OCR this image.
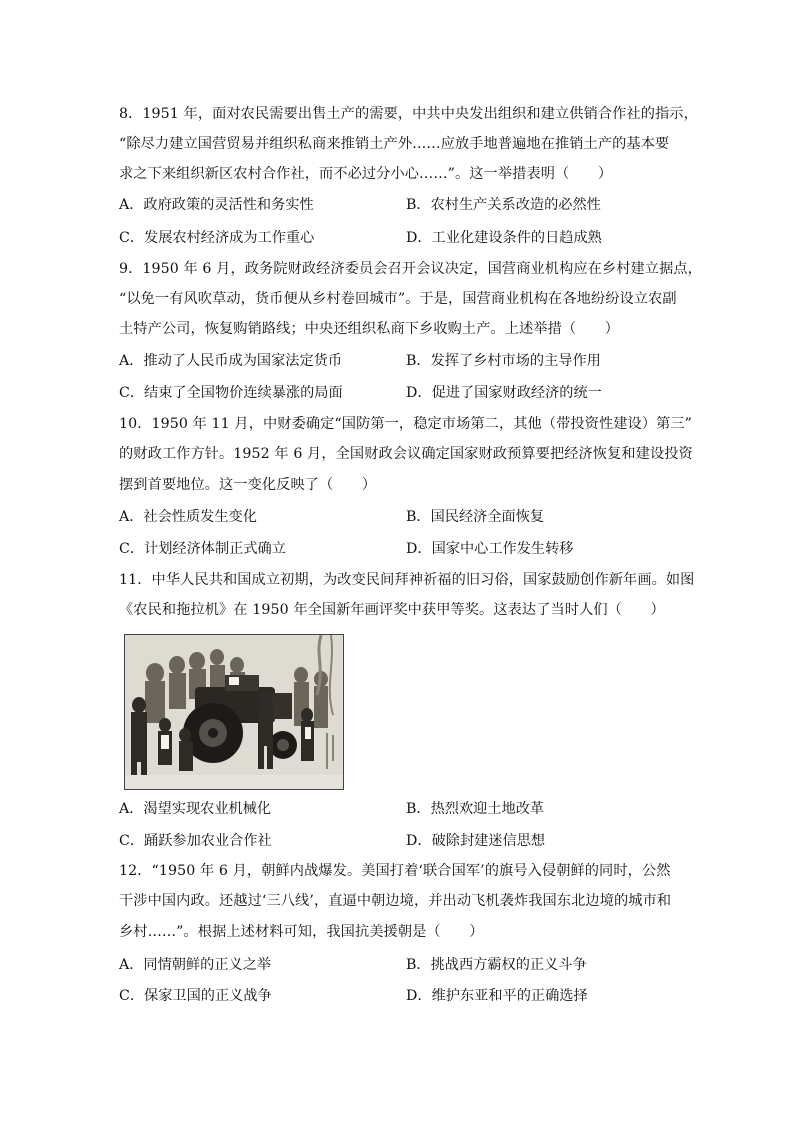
8．1951 年，面对农民需要出售土产的需要，中共中央发出组织和建立供销合作社的指示，
“除尽力建立国营贸易并组织私商来推销土产外……应放手地普遍地在推销土产的基本要
求之下来组织新区农村合作社，而不必过分小心……”。这一举措表明（　　）
A．政府政策的灵活性和务实性	B．农村生产关系改造的必然性
C．发展农村经济成为工作重心	D．工业化建设条件的日趋成熟
9．1950 年 6 月，政务院财政经济委员会召开会议决定，国营商业机构应在乡村建立据点，
“以免一有风吹草动，货币便从乡村卷回城市”。于是，国营商业机构在各地纷纷设立农副
土特产公司，恢复购销路线；中央还组织私商下乡收购土产。上述举措（　　）
A．推动了人民币成为国家法定货币	B．发挥了乡村市场的主导作用
C．结束了全国物价连续暴涨的局面	D．促进了国家财政经济的统一
10．1950 年 11 月，中财委确定“国防第一，稳定市场第二，其他（带投资性建设）第三”
的财政工作方针。1952 年 6 月，全国财政会议确定国家财政预算要把经济恢复和建设投资
摆到首要地位。这一变化反映了（　　）
A．社会性质发生变化	B．国民经济全面恢复
C．计划经济体制正式确立	D．国家中心工作发生转移
11．中华人民共和国成立初期，为改变民间拜神祈福的旧习俗，国家鼓励创作新年画。如图
《农民和拖拉机》在 1950 年全国新年画评奖中获甲等奖。这表达了当时人们（　　）
A．渴望实现农业机械化	B．热烈欢迎土地改革
C．踊跃参加农业合作社	D．破除封建迷信思想
12．“1950 年 6 月，朝鲜内战爆发。美国打着‘联合国军’的旗号入侵朝鲜的同时，公然
干涉中国内政。还越过‘三八线’，直逼中朝边境，并出动飞机袭炸我国东北边境的城市和
乡村……”。根据上述材料可知，我国抗美援朝是（　　）
A．同情朝鲜的正义之举	B．挑战西方霸权的正义斗争
C．保家卫国的正义战争	D．维护东亚和平的正确选择
